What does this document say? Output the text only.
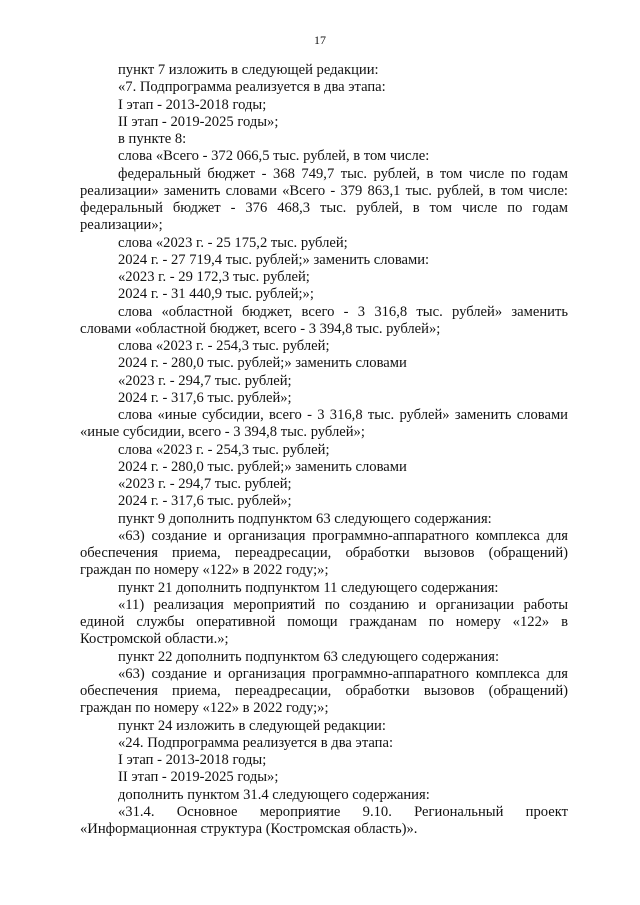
17
пункт 7 изложить в следующей редакции:
«7. Подпрограмма реализуется в два этапа:
I этап - 2013-2018 годы;
II этап - 2019-2025 годы»;
в пункте 8:
слова «Всего - 372 066,5 тыс. рублей, в том числе:
федеральный бюджет - 368 749,7 тыс. рублей, в том числе по годам
реализации» заменить словами «Всего - 379 863,1 тыс. рублей, в том числе:
федеральный бюджет - 376 468,3 тыс. рублей, в том числе по годам
реализации»;
слова «2023 г. - 25 175,2 тыс. рублей;
2024 г. - 27 719,4 тыс. рублей;» заменить словами:
«2023 г. - 29 172,3 тыс. рублей;
2024 г. - 31 440,9 тыс. рублей;»;
слова «областной бюджет, всего - 3 316,8 тыс. рублей» заменить
словами «областной бюджет, всего - 3 394,8 тыс. рублей»;
слова «2023 г. - 254,3 тыс. рублей;
2024 г. - 280,0 тыс. рублей;» заменить словами
«2023 г. - 294,7 тыс. рублей;
2024 г. - 317,6 тыс. рублей»;
слова «иные субсидии, всего - 3 316,8 тыс. рублей» заменить словами
«иные субсидии, всего - 3 394,8 тыс. рублей»;
слова «2023 г. - 254,3 тыс. рублей;
2024 г. - 280,0 тыс. рублей;» заменить словами
«2023 г. - 294,7 тыс. рублей;
2024 г. - 317,6 тыс. рублей»;
пункт 9 дополнить подпунктом 63 следующего содержания:
«63) создание и организация программно-аппаратного комплекса для
обеспечения приема, переадресации, обработки вызовов (обращений)
граждан по номеру «122» в 2022 году;»;
пункт 21 дополнить подпунктом 11 следующего содержания:
«11) реализация мероприятий по созданию и организации работы
единой службы оперативной помощи гражданам по номеру «122» в
Костромской области.»;
пункт 22 дополнить подпунктом 63 следующего содержания:
«63) создание и организация программно-аппаратного комплекса для
обеспечения приема, переадресации, обработки вызовов (обращений)
граждан по номеру «122» в 2022 году;»;
пункт 24 изложить в следующей редакции:
«24. Подпрограмма реализуется в два этапа:
I этап - 2013-2018 годы;
II этап - 2019-2025 годы»;
дополнить пунктом 31.4 следующего содержания:
«31.4. Основное мероприятие 9.10. Региональный проект
«Информационная структура (Костромская область)».
